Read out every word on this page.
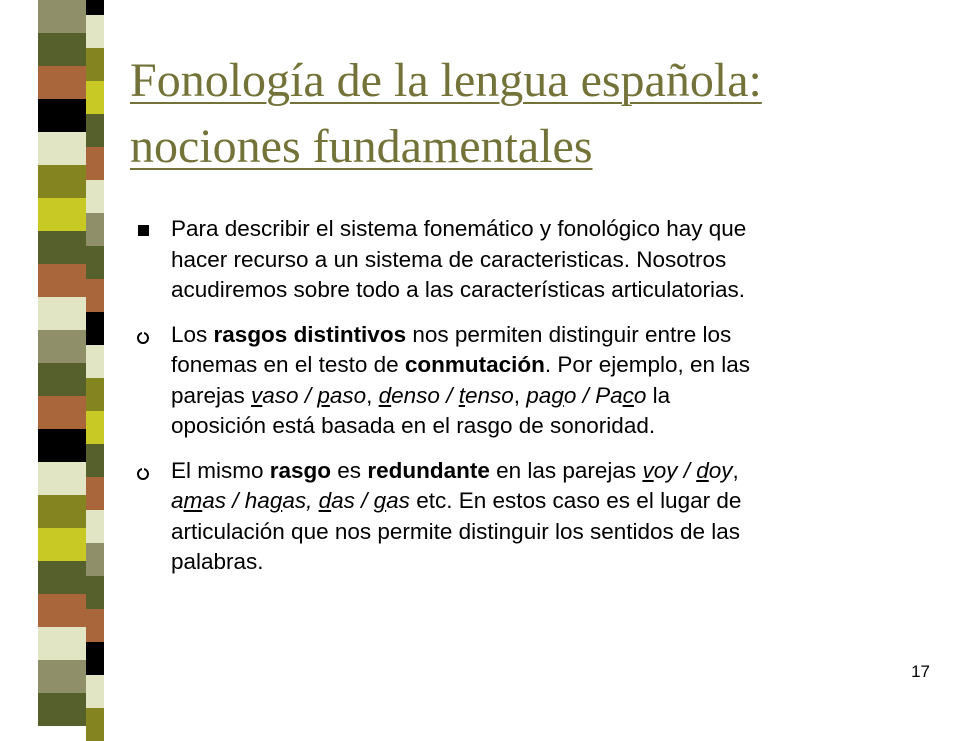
Fonología de la lengua española:
nociones fundamentales
Para describir el sistema fonemático y fonológico hay que
hacer recurso a un sistema de caracteristicas. Nosotros
acudiremos sobre todo a las características articulatorias.
Los rasgos distintivos nos permiten distinguir entre los
fonemas en el testo de conmutación. Por ejemplo, en las
parejas vaso / paso, denso / tenso, pago / Paco la
oposición está basada en el rasgo de sonoridad.
El mismo rasgo es redundante en las parejas voy / doy,
amas / hagas, das / gas etc. En estos caso es el lugar de
articulación que nos permite distinguir los sentidos de las
palabras.
17
